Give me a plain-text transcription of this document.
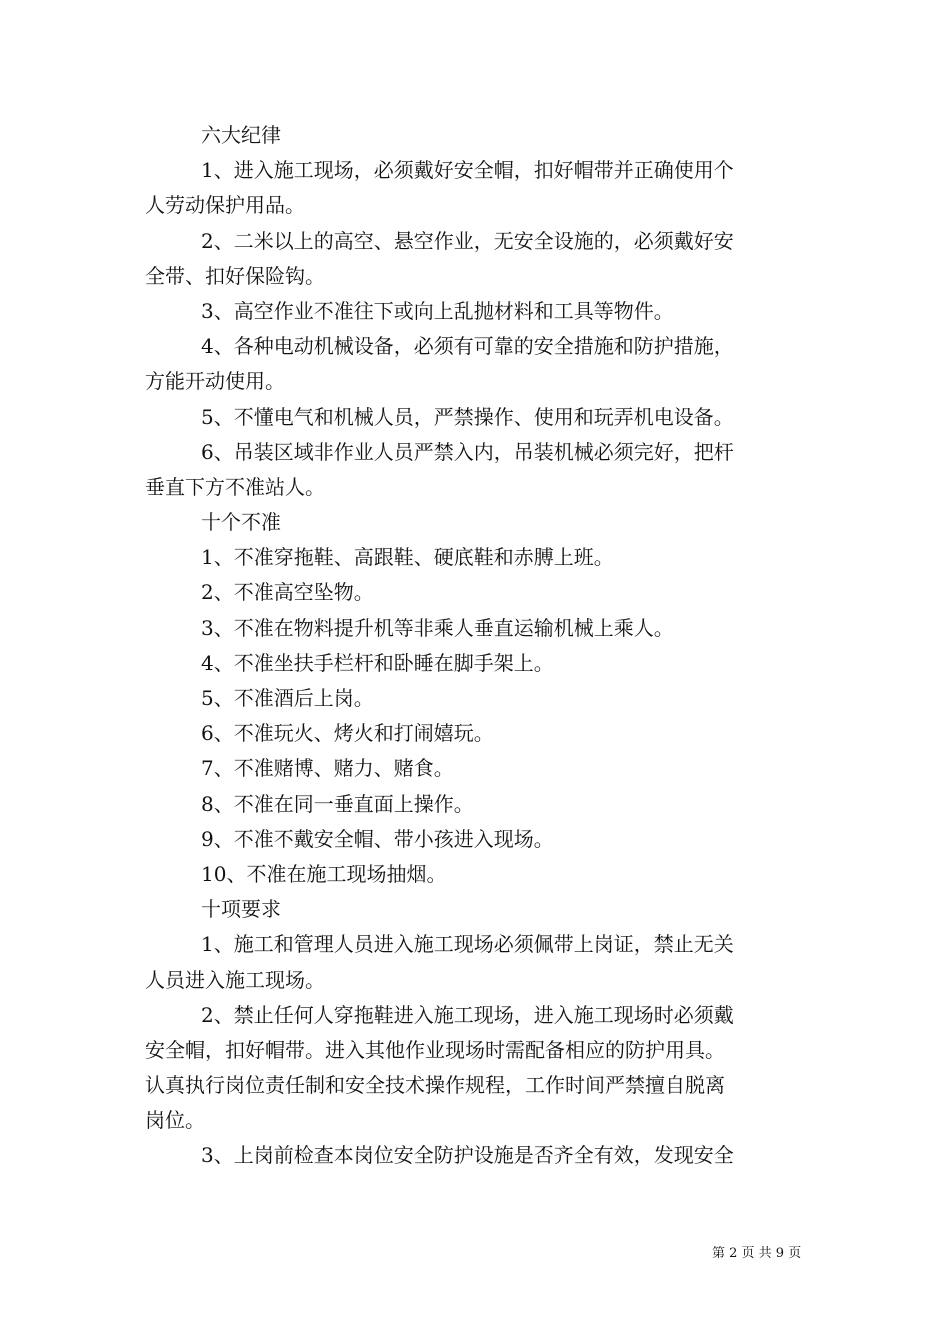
六大纪律
1、进入施工现场，必须戴好安全帽，扣好帽带并正确使用个
人劳动保护用品。
2、二米以上的高空、悬空作业，无安全设施的，必须戴好安
全带、扣好保险钩。
3、高空作业不准往下或向上乱抛材料和工具等物件。
4、各种电动机械设备，必须有可靠的安全措施和防护措施，
方能开动使用。
5、不懂电气和机械人员，严禁操作、使用和玩弄机电设备。
6、吊装区域非作业人员严禁入内，吊装机械必须完好，把杆
垂直下方不准站人。
十个不准
1、不准穿拖鞋、高跟鞋、硬底鞋和赤膊上班。
2、不准高空坠物。
3、不准在物料提升机等非乘人垂直运输机械上乘人。
4、不准坐扶手栏杆和卧睡在脚手架上。
5、不准酒后上岗。
6、不准玩火、烤火和打闹嬉玩。
7、不准赌博、赌力、赌食。
8、不准在同一垂直面上操作。
9、不准不戴安全帽、带小孩进入现场。
10、不准在施工现场抽烟。
十项要求
1、施工和管理人员进入施工现场必须佩带上岗证，禁止无关
人员进入施工现场。
2、禁止任何人穿拖鞋进入施工现场，进入施工现场时必须戴
安全帽，扣好帽带。进入其他作业现场时需配备相应的防护用具。
认真执行岗位责任制和安全技术操作规程，工作时间严禁擅自脱离
岗位。
3、上岗前检查本岗位安全防护设施是否齐全有效，发现安全
第 2 页 共 9 页
